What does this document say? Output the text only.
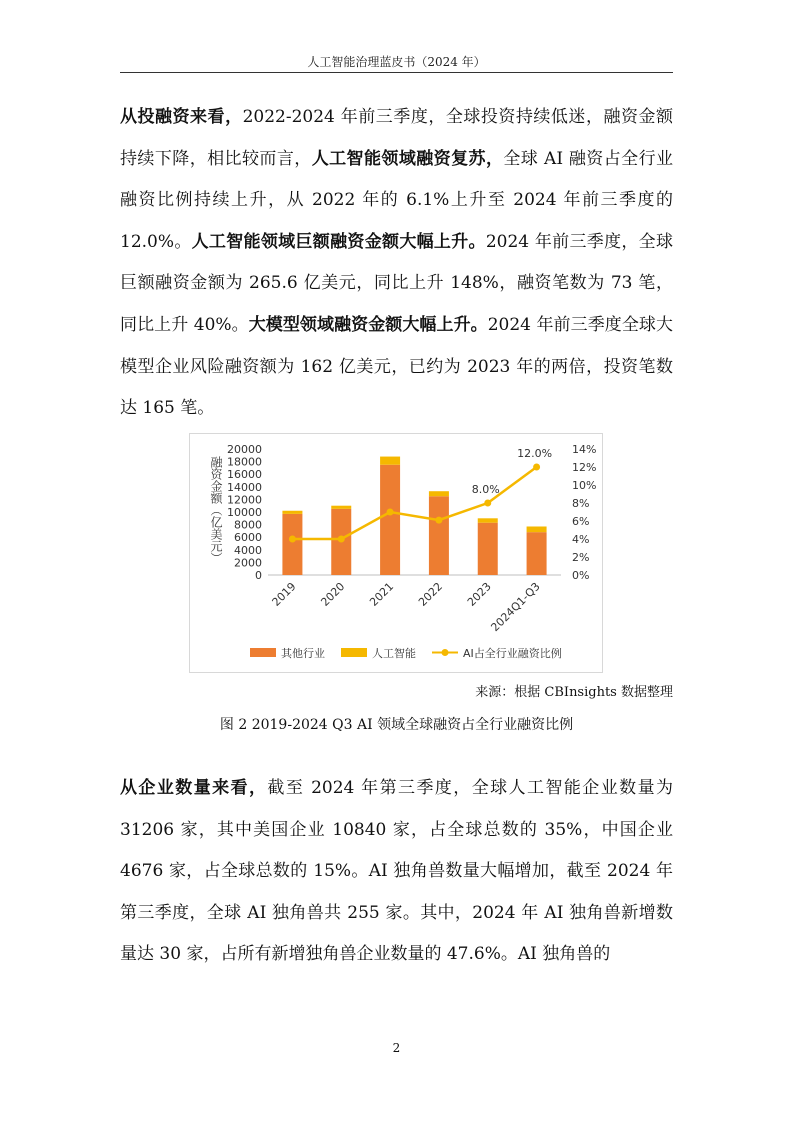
人工智能治理蓝皮书（2024 年）

从投融资来看，2022-2024 年前三季度，全球投资持续低迷，融资金额持续下降，相比较而言，人工智能领域融资复苏，全球 AI 融资占全行业融资比例持续上升，从 2022 年的 6.1%上升至 2024 年前三季度的 12.0%。人工智能领域巨额融资金额大幅上升。2024 年前三季度，全球巨额融资金额为 265.6 亿美元，同比上升 148%，融资笔数为 73 笔，同比上升 40%。大模型领域融资金额大幅上升。2024 年前三季度全球大模型企业风险融资额为 162 亿美元，已约为 2023 年的两倍，投资笔数达 165 笔。

20000
18000
16000
14000
12000
10000
8000
6000
4000
2000
0
14%
12%
10%
8%
6%
4%
2%
0%
2019 2020 2021 2022 2023
2024Q1-Q3
8.0%
12.0%
其他行业	人工智能	AI占全行业融资比例
融资金额（亿美元）
来源：根据 CBInsights 数据整理
图 2 2019-2024 Q3 AI 领域全球融资占全行业融资比例

从企业数量来看，截至 2024 年第三季度，全球人工智能企业数量为 31206 家，其中美国企业 10840 家，占全球总数的 35%，中国企业 4676 家，占全球总数的 15%。AI 独角兽数量大幅增加，截至 2024 年第三季度，全球 AI 独角兽共 255 家。其中，2024 年 AI 独角兽新增数量达 30 家，占所有新增独角兽企业数量的 47.6%。AI 独角兽的

2
